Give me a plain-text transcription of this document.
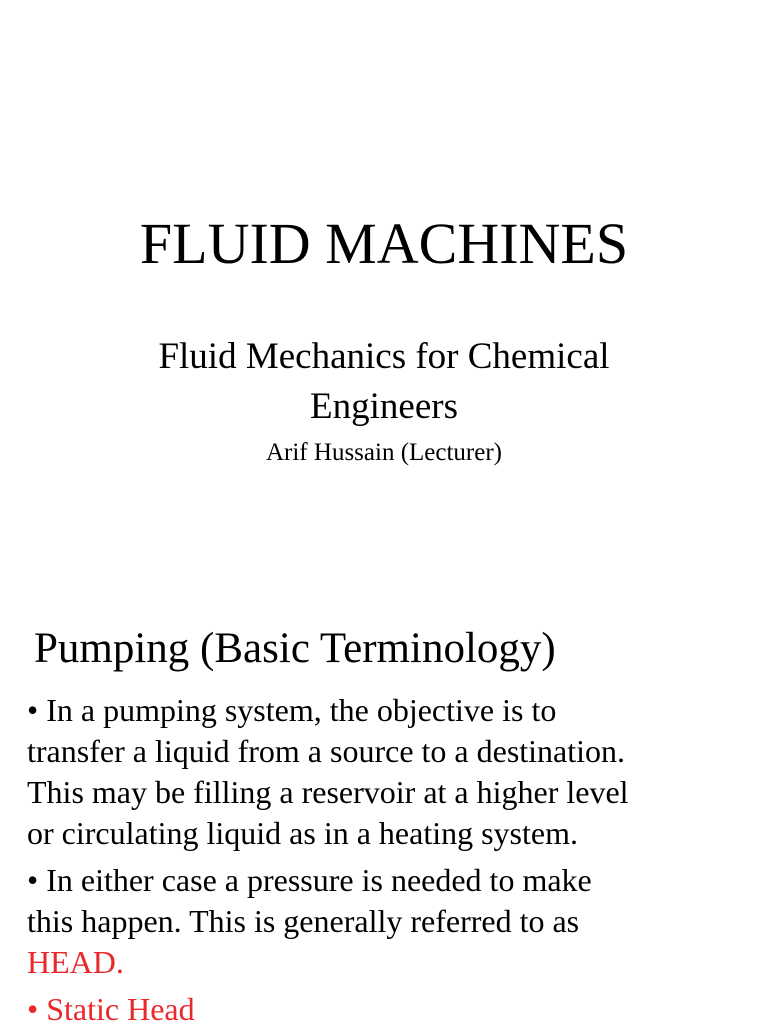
FLUID MACHINES
Fluid Mechanics for Chemical
Engineers
Arif Hussain (Lecturer)
Pumping (Basic Terminology)
• In a pumping system, the objective is to
transfer a liquid from a source to a destination.
This may be filling a reservoir at a higher level
or circulating liquid as in a heating system.
• In either case a pressure is needed to make
this happen. This is generally referred to as
HEAD.
• Static Head
